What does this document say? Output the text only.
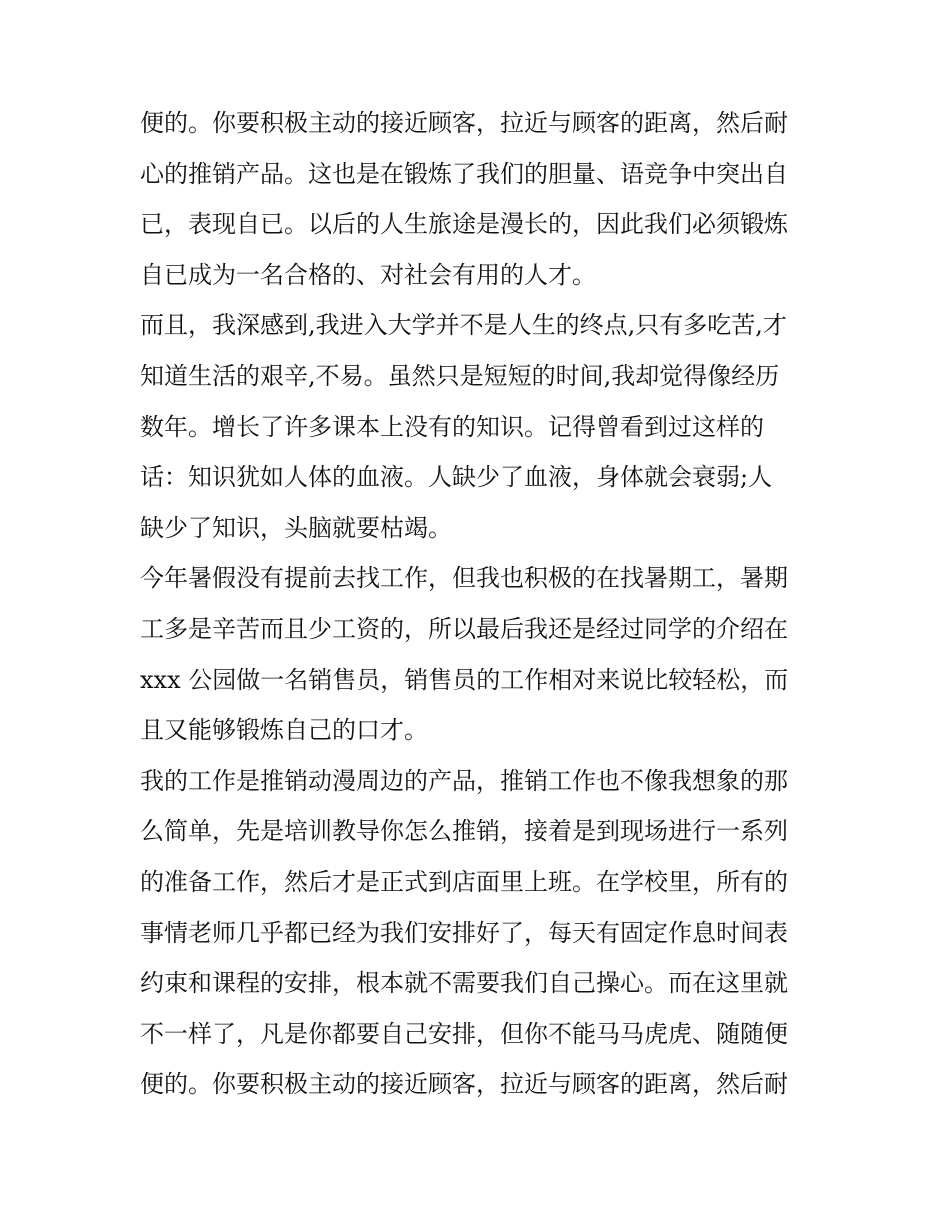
便的。你要积极主动的接近顾客，拉近与顾客的距离，然后耐
心的推销产品。这也是在锻炼了我们的胆量、语竞争中突出自
已，表现自已。以后的人生旅途是漫长的，因此我们必须锻炼
自已成为一名合格的、对社会有用的人才。
而且，我深感到,我进入大学并不是人生的终点,只有多吃苦,才
知道生活的艰辛,不易。虽然只是短短的时间,我却觉得像经历
数年。增长了许多课本上没有的知识。记得曾看到过这样的
话：知识犹如人体的血液。人缺少了血液，身体就会衰弱;人
缺少了知识，头脑就要枯竭。
今年暑假没有提前去找工作，但我也积极的在找暑期工，暑期
工多是辛苦而且少工资的，所以最后我还是经过同学的介绍在
xxx 公园做一名销售员，销售员的工作相对来说比较轻松，而
且又能够锻炼自己的口才。
我的工作是推销动漫周边的产品，推销工作也不像我想象的那
么简单，先是培训教导你怎么推销，接着是到现场进行一系列
的准备工作，然后才是正式到店面里上班。在学校里，所有的
事情老师几乎都已经为我们安排好了，每天有固定作息时间表
约束和课程的安排，根本就不需要我们自己操心。而在这里就
不一样了，凡是你都要自己安排，但你不能马马虎虎、随随便
便的。你要积极主动的接近顾客，拉近与顾客的距离，然后耐
